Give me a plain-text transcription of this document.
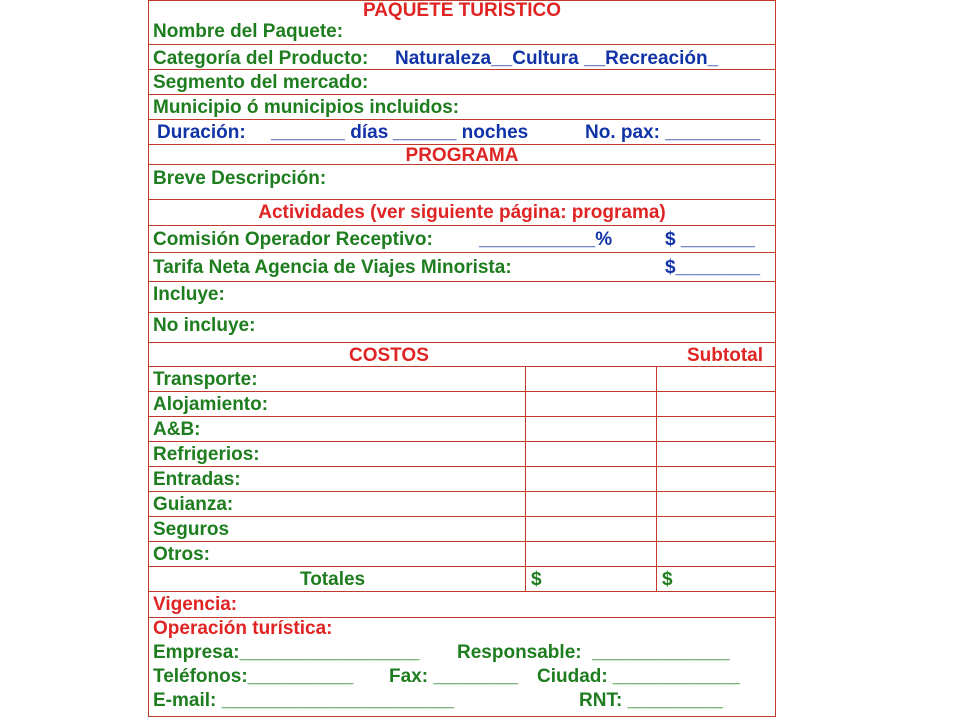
PAQUETE TURÍSTICO
Nombre del Paquete:
Categoría del Producto: Naturaleza__Cultura __Recreación_
Segmento del mercado:
Municipio ó municipios incluidos:
Duración: _______ días ______ noches	No. pax: _________
PROGRAMA
Breve Descripción:
Actividades (ver siguiente página: programa)
Comisión Operador Receptivo: ___________%	$ _______
Tarifa Neta Agencia de Viajes Minorista:	$________
Incluye:
No incluye:
COSTOS	Subtotal
Transporte:
Alojamiento:
A&B:
Refrigerios:
Entradas:
Guianza:
Seguros
Otros:
Totales	$	$
Vigencia:
Operación turística:
Empresa:_________________ Responsable:  _____________
Teléfonos:__________ Fax: ________ Ciudad: ____________
E-mail: ______________________	RNT: _________
